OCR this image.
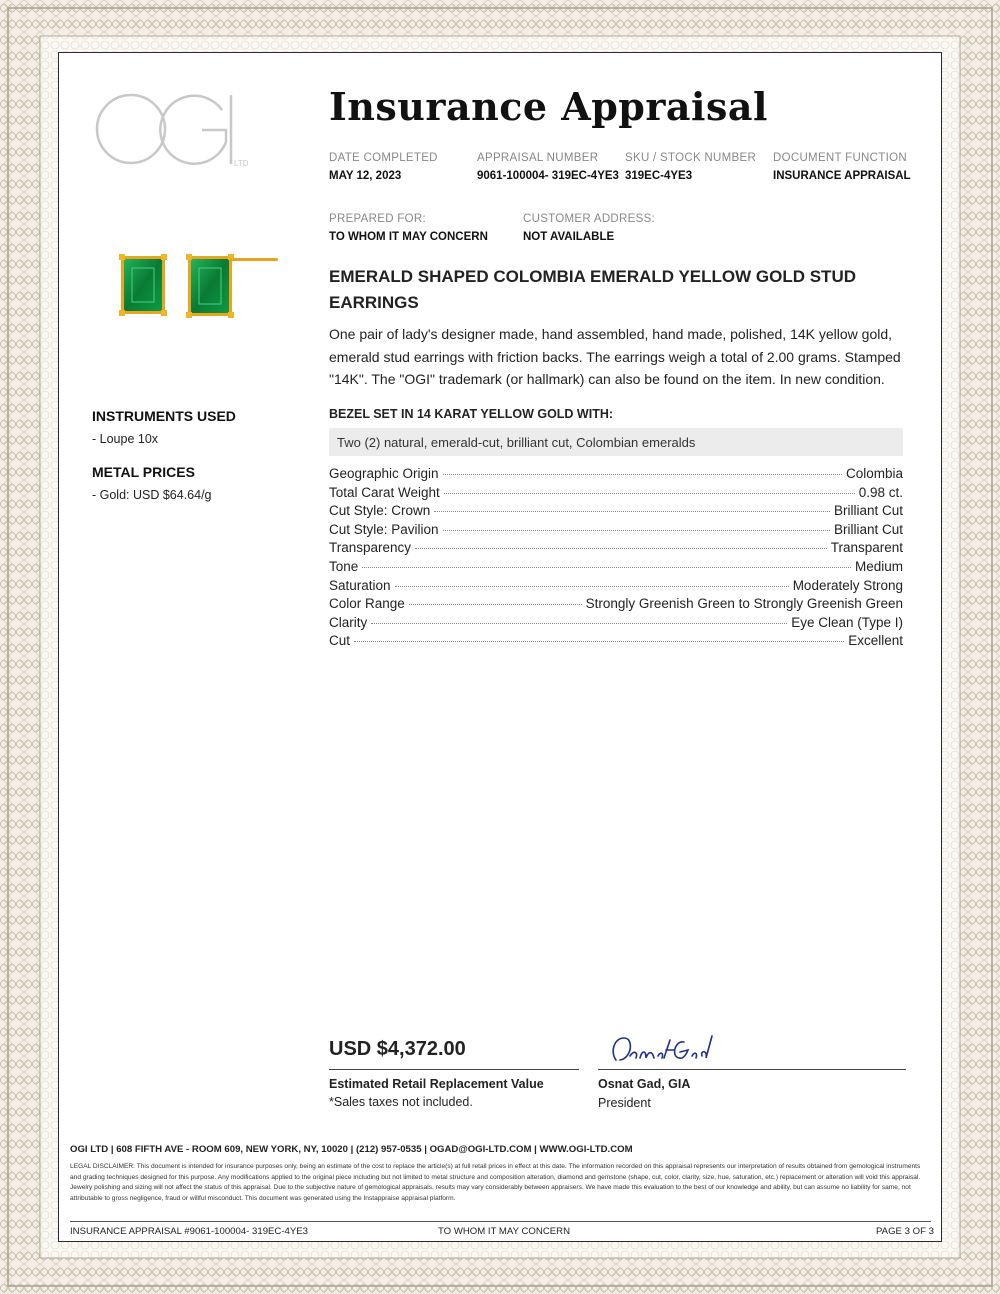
LTD
Insurance Appraisal
DATE COMPLETED
MAY 12, 2023
APPRAISAL NUMBER
9061-100004- 319EC-4YE3
SKU / STOCK NUMBER
319EC-4YE3
DOCUMENT FUNCTION
INSURANCE APPRAISAL
PREPARED FOR:
TO WHOM IT MAY CONCERN
CUSTOMER ADDRESS:
NOT AVAILABLE
INSTRUMENTS USED
- Loupe 10x
METAL PRICES
- Gold: USD $64.64/g
EMERALD SHAPED COLOMBIA EMERALD YELLOW GOLD STUD EARRINGS
One pair of lady's designer made, hand assembled, hand made, polished, 14K yellow gold, emerald stud earrings with friction backs. The earrings weigh a total of 2.00 grams. Stamped "14K". The "OGI" trademark (or hallmark) can also be found on the item. In new condition.
BEZEL SET IN 14 KARAT YELLOW GOLD WITH:
Two (2) natural, emerald-cut, brilliant cut, Colombian emeralds
Geographic Origin	Colombia
Total Carat Weight	0.98 ct.
Cut Style: Crown	Brilliant Cut
Cut Style: Pavilion	Brilliant Cut
Transparency	Transparent
Tone	Medium
Saturation	Moderately Strong
Color Range	Strongly Greenish Green to Strongly Greenish Green
Clarity	Eye Clean (Type I)
Cut	Excellent
USD $4,372.00
Estimated Retail Replacement Value
*Sales taxes not included.
Osnat Gad, GIA
President
OGI LTD | 608 FIFTH AVE - ROOM 609, NEW YORK, NY, 10020 | (212) 957-0535 | OGAD@OGI-LTD.COM | WWW.OGI-LTD.COM
LEGAL DISCLAIMER: This document is intended for insurance purposes only, being an estimate of the cost to replace the article(s) at full retail prices in effect at this date. The information recorded on this appraisal represents our interpretation of results obtained from gemological instruments and grading techniques designed for this purpose. Any modifications applied to the original piece including but not limited to metal structure and composition alteration, diamond and gemstone (shape, cut, color, clarity, size, hue, saturation, etc.) replacement or alteration will void this appraisal. Jewelry polishing and sizing will not affect the status of this appraisal. Due to the subjective nature of gemological appraisals, results may vary considerably between appraisers. We have made this evaluation to the best of our knowledge and ability, but can assume no liability for same, not attributable to gross negligence, fraud or willful misconduct. This document was generated using the Instappraise appraisal platform.
INSURANCE APPRAISAL #9061-100004- 319EC-4YE3	TO WHOM IT MAY CONCERN	PAGE 3 OF 3
